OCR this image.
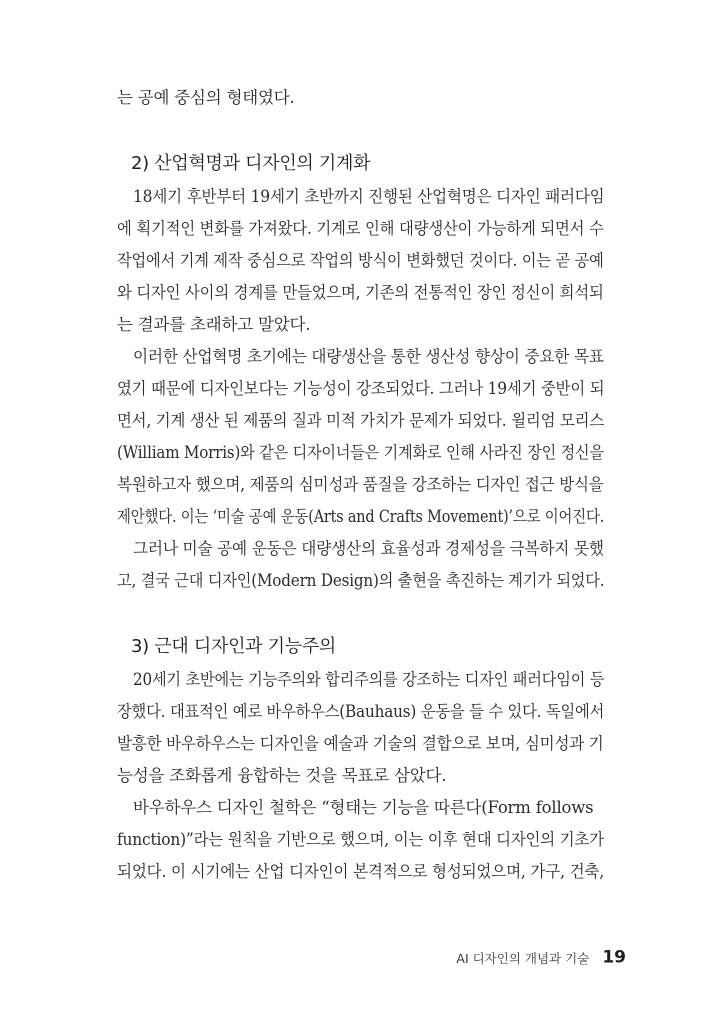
는 공예 중심의 형태였다.
2) 산업혁명과 디자인의 기계화
18세기 후반부터 19세기 초반까지 진행된 산업혁명은 디자인 패러다임
에 획기적인 변화를 가져왔다. 기계로 인해 대량생산이 가능하게 되면서 수
작업에서 기계 제작 중심으로 작업의 방식이 변화했던 것이다. 이는 곧 공예
와 디자인 사이의 경계를 만들었으며, 기존의 전통적인 장인 정신이 희석되
는 결과를 초래하고 말았다.
이러한 산업혁명 초기에는 대량생산을 통한 생산성 향상이 중요한 목표
였기 때문에 디자인보다는 기능성이 강조되었다. 그러나 19세기 중반이 되
면서, 기계 생산 된 제품의 질과 미적 가치가 문제가 되었다. 윌리엄 모리스
(William Morris)와 같은 디자이너들은 기계화로 인해 사라진 장인 정신을
복원하고자 했으며, 제품의 심미성과 품질을 강조하는 디자인 접근 방식을
제안했다. 이는 ‘미술 공예 운동(Arts and Crafts Movement)’으로 이어진다.
그러나 미술 공예 운동은 대량생산의 효율성과 경제성을 극복하지 못했
고, 결국 근대 디자인(Modern Design)의 출현을 촉진하는 계기가 되었다.
3) 근대 디자인과 기능주의
20세기 초반에는 기능주의와 합리주의를 강조하는 디자인 패러다임이 등
장했다. 대표적인 예로 바우하우스(Bauhaus) 운동을 들 수 있다. 독일에서
발흥한 바우하우스는 디자인을 예술과 기술의 결합으로 보며, 심미성과 기
능성을 조화롭게 융합하는 것을 목표로 삼았다.
바우하우스 디자인 철학은 “형태는 기능을 따른다(Form follows
function)”라는 원칙을 기반으로 했으며, 이는 이후 현대 디자인의 기초가
되었다. 이 시기에는 산업 디자인이 본격적으로 형성되었으며, 가구, 건축,
AI 디자인의 개념과 기술 19
